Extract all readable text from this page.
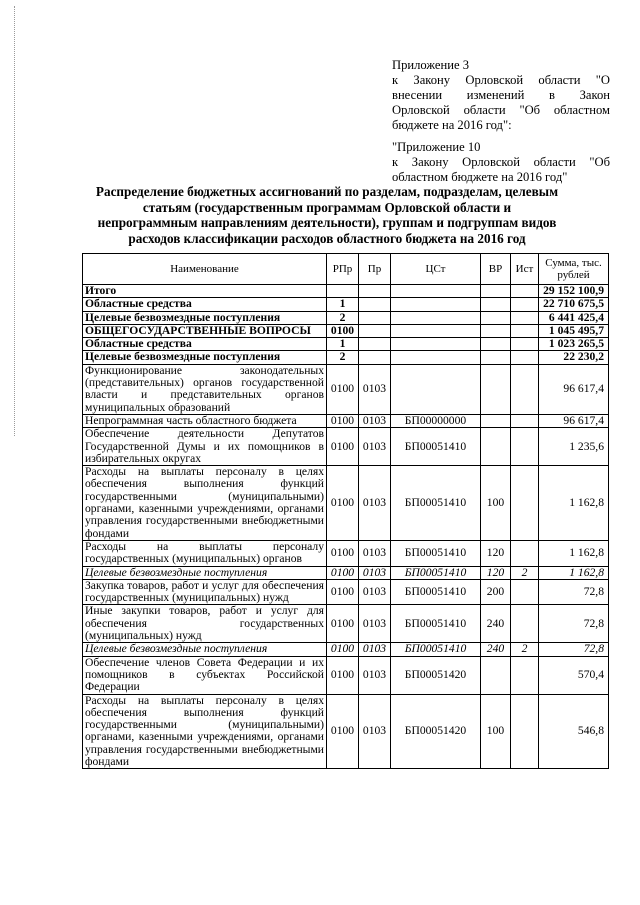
Приложение 3
к Закону Орловской области "О
внесении изменений в Закон
Орловской области "Об областном
бюджете на 2016 год":
"Приложение 10
к Закону Орловской области "Об
областном бюджете на 2016 год"
Распределение бюджетных ассигнований по разделам, подразделам, целевым
статьям (государственным программам Орловской области и
непрограммным направлениям деятельности), группам и подгруппам видов
расходов классификации расходов областного бюджета на 2016 год
Наименование	РПр	Пр	ЦСт	ВР	Ист	Сумма, тыс. рублей
Итого						29 152 100,9
Областные средства	1					22 710 675,5
Целевые безвозмездные поступления	2					6 441 425,4
ОБЩЕГОСУДАРСТВЕННЫЕ ВОПРОСЫ	0100					1 045 495,7
Областные средства	1					1 023 265,5
Целевые безвозмездные поступления	2					22 230,2
Функционирование законодательных (представительных) органов государственной власти и представительных органов муниципальных образований	0100	0103				96 617,4
Непрограммная часть областного бюджета	0100	0103	БП00000000			96 617,4
Обеспечение деятельности Депутатов Государственной Думы и их помощников в избирательных округах	0100	0103	БП00051410			1 235,6
Расходы на выплаты персоналу в целях обеспечения выполнения функций государственными (муниципальными) органами, казенными учреждениями, органами управления государственными внебюджетными фондами	0100	0103	БП00051410	100		1 162,8
Расходы на выплаты персоналу государственных (муниципальных) органов	0100	0103	БП00051410	120		1 162,8
Целевые безвозмездные поступления	0100	0103	БП00051410	120	2	1 162,8
Закупка товаров, работ и услуг для обеспечения государственных (муниципальных) нужд	0100	0103	БП00051410	200		72,8
Иные закупки товаров, работ и услуг для обеспечения государственных (муниципальных) нужд	0100	0103	БП00051410	240		72,8
Целевые безвозмездные поступления	0100	0103	БП00051410	240	2	72,8
Обеспечение членов Совета Федерации и их помощников в субъектах Российской Федерации	0100	0103	БП00051420			570,4
Расходы на выплаты персоналу в целях обеспечения выполнения функций государственными (муниципальными) органами, казенными учреждениями, органами управления государственными внебюджетными фондами	0100	0103	БП00051420	100		546,8
